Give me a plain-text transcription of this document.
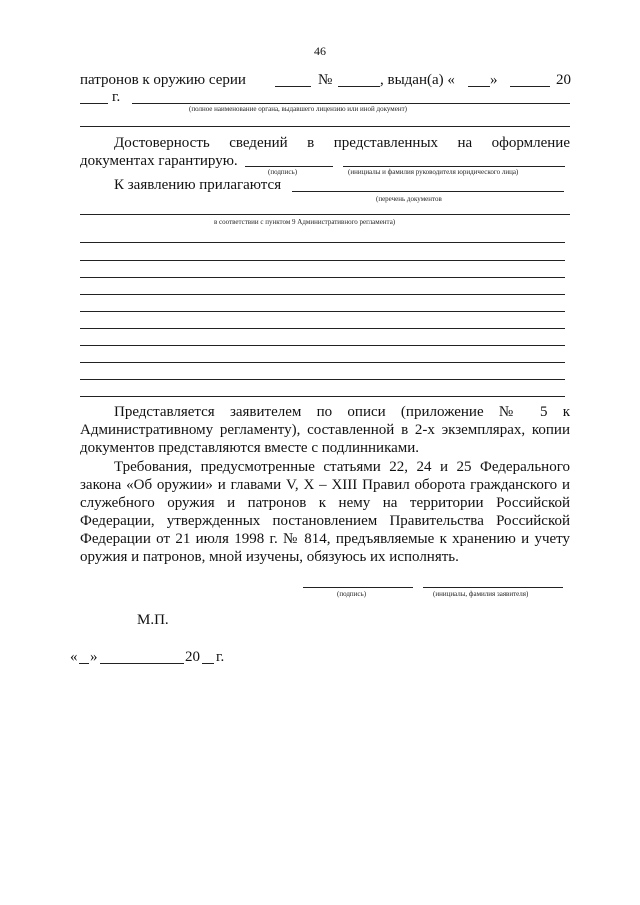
46
патронов к оружию серии	№	, выдан(а) « »	20
г.
(полное наименование органа, выдавшего лицензию или иной документ)
Достоверность сведений в представленных на оформление
документах гарантирую.
(подпись)	(инициалы и фамилия руководителя юридического лица)
К заявлению прилагаются
(перечень документов
в соответствии с пунктом 9 Административного регламента)
Представляется заявителем по описи (приложение № 5 к
Административному регламенту), составленной в 2-х экземплярах, копии
документов представляются вместе с подлинниками.
Требования, предусмотренные статьями 22, 24 и 25 Федерального
закона «Об оружии» и главами V, X – XIII Правил оборота гражданского и
служебного оружия и патронов к нему на территории Российской
Федерации, утвержденных постановлением Правительства Российской
Федерации от 21 июля 1998 г. № 814, предъявляемые к хранению и учету
оружия и патронов, мной изучены, обязуюсь их исполнять.
(подпись)	(инициалы, фамилия заявителя)
М.П.
« »	20 г.
